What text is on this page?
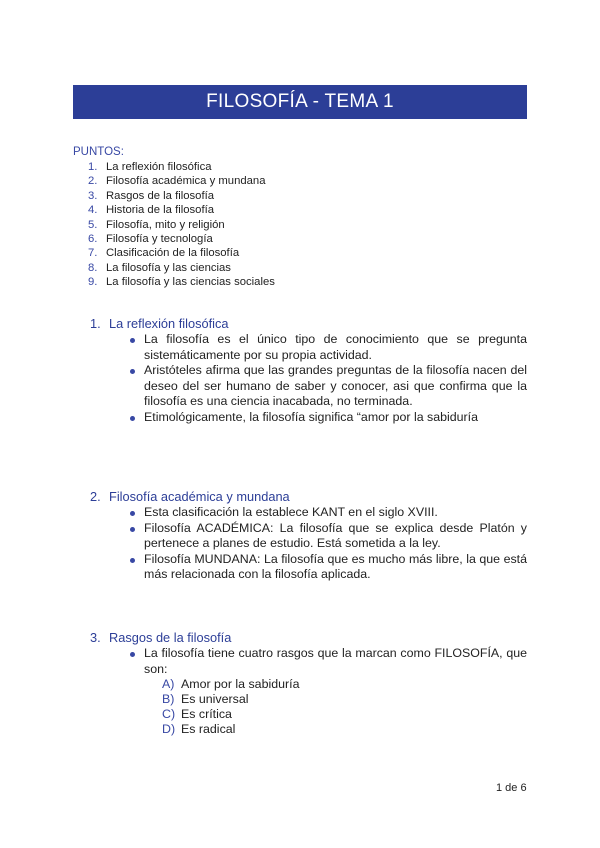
FILOSOFÍA - TEMA 1
PUNTOS:
1. La reflexión filosófica
2. Filosofía académica y mundana
3. Rasgos de la filosofía
4. Historia de la filosofía
5. Filosofía, mito y religión
6. Filosofía y tecnología
7. Clasificación de la filosofía
8. La filosofía y las ciencias
9. La filosofía y las ciencias sociales
1. La reflexión filosófica
La filosofía es el único tipo de conocimiento que se pregunta sistemáticamente por su propia actividad.
Aristóteles afirma que las grandes preguntas de la filosofía nacen del deseo del ser humano de saber y conocer, asi que confirma que la filosofía es una ciencia inacabada, no terminada.
Etimológicamente, la filosofía significa “amor por la sabiduría
2. Filosofía académica y mundana
Esta clasificación la establece KANT en el siglo XVIII.
Filosofía ACADÉMICA: La filosofía que se explica desde Platón y pertenece a planes de estudio. Está sometida a la ley.
Filosofía MUNDANA: La filosofía que es mucho más libre, la que está más relacionada con la filosofía aplicada.
3. Rasgos de la filosofía
La filosofía tiene cuatro rasgos que la marcan como FILOSOFÍA, que son:
A) Amor por la sabiduría
B) Es universal
C) Es crítica
D) Es radical
1 de 6
